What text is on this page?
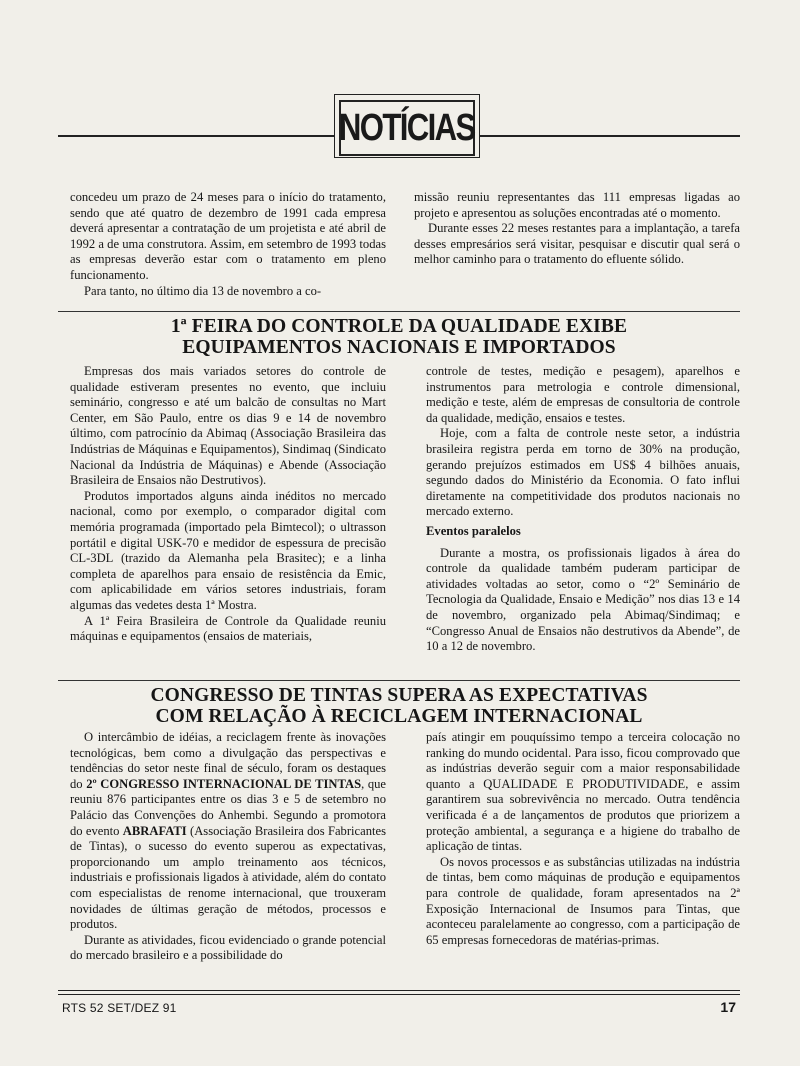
NOTÍCIAS

concedeu um prazo de 24 meses para o início do tratamento, sendo que até quatro de dezembro de 1991 cada empresa deverá apresentar a contratação de um projetista e até abril de 1992 a de uma construtora. Assim, em setembro de 1993 todas as empresas deverão estar com o tratamento em pleno funcionamento.

Para tanto, no último dia 13 de novembro a co-

missão reuniu representantes das 111 empresas ligadas ao projeto e apresentou as soluções encontradas até o momento.

Durante esses 22 meses restantes para a implantação, a tarefa desses empresários será visitar, pesquisar e discutir qual será o melhor caminho para o tratamento do efluente sólido.

1ª FEIRA DO CONTROLE DA QUALIDADE EXIBE
EQUIPAMENTOS NACIONAIS E IMPORTADOS

Empresas dos mais variados setores do controle de qualidade estiveram presentes no evento, que incluiu seminário, congresso e até um balcão de consultas no Mart Center, em São Paulo, entre os dias 9 e 14 de novembro último, com patrocínio da Abimaq (Associação Brasileira das Indústrias de Máquinas e Equipamentos), Sindimaq (Sindicato Nacional da Indústria de Máquinas) e Abende (Associação Brasileira de Ensaios não Destrutivos).

Produtos importados alguns ainda inéditos no mercado nacional, como por exemplo, o comparador digital com memória programada (importado pela Bimtecol); o ultrasson portátil e digital USK-70 e medidor de espessura de precisão CL-3DL (trazido da Alemanha pela Brasitec); e a linha completa de aparelhos para ensaio de resistência da Emic, com aplicabilidade em vários setores industriais, foram algumas das vedetes desta 1ª Mostra.

A 1ª Feira Brasileira de Controle da Qualidade reuniu máquinas e equipamentos (ensaios de materiais,

controle de testes, medição e pesagem), aparelhos e instrumentos para metrologia e controle dimensional, medição e teste, além de empresas de consultoria de controle da qualidade, medição, ensaios e testes.

Hoje, com a falta de controle neste setor, a indústria brasileira registra perda em torno de 30% na produção, gerando prejuízos estimados em US$ 4 bilhões anuais, segundo dados do Ministério da Economia. O fato influi diretamente na competitividade dos produtos nacionais no mercado externo.

Eventos paralelos

Durante a mostra, os profissionais ligados à área do controle da qualidade também puderam participar de atividades voltadas ao setor, como o “2º Seminário de Tecnologia da Qualidade, Ensaio e Medição” nos dias 13 e 14 de novembro, organizado pela Abimaq/Sindimaq; e “Congresso Anual de Ensaios não destrutivos da Abende”, de 10 a 12 de novembro.

CONGRESSO DE TINTAS SUPERA AS EXPECTATIVAS
COM RELAÇÃO À RECICLAGEM INTERNACIONAL

O intercâmbio de idéias, a reciclagem frente às inovações tecnológicas, bem como a divulgação das perspectivas e tendências do setor neste final de século, foram os destaques do 2º CONGRESSO INTERNACIONAL DE TINTAS, que reuniu 876 participantes entre os dias 3 e 5 de setembro no Palácio das Convenções do Anhembi. Segundo a promotora do evento ABRAFATI (Associação Brasileira dos Fabricantes de Tintas), o sucesso do evento superou as expectativas, proporcionando um amplo treinamento aos técnicos, industriais e profissionais ligados à atividade, além do contato com especialistas de renome internacional, que trouxeram novidades de últimas geração de métodos, processos e produtos.

Durante as atividades, ficou evidenciado o grande potencial do mercado brasileiro e a possibilidade do

país atingir em pouquíssimo tempo a terceira colocação no ranking do mundo ocidental. Para isso, ficou comprovado que as indústrias deverão seguir com a maior responsabilidade quanto a QUALIDADE E PRODUTIVIDADE, e assim garantirem sua sobrevivência no mercado. Outra tendência verificada é a de lançamentos de produtos que priorizem a proteção ambiental, a segurança e a higiene do trabalho de aplicação de tintas.

Os novos processos e as substâncias utilizadas na indústria de tintas, bem como máquinas de produção e equipamentos para controle de qualidade, foram apresentados na 2ª Exposição Internacional de Insumos para Tintas, que aconteceu paralelamente ao congresso, com a participação de 65 empresas fornecedoras de matérias-primas.

RTS 52 SET/DEZ 91	17
